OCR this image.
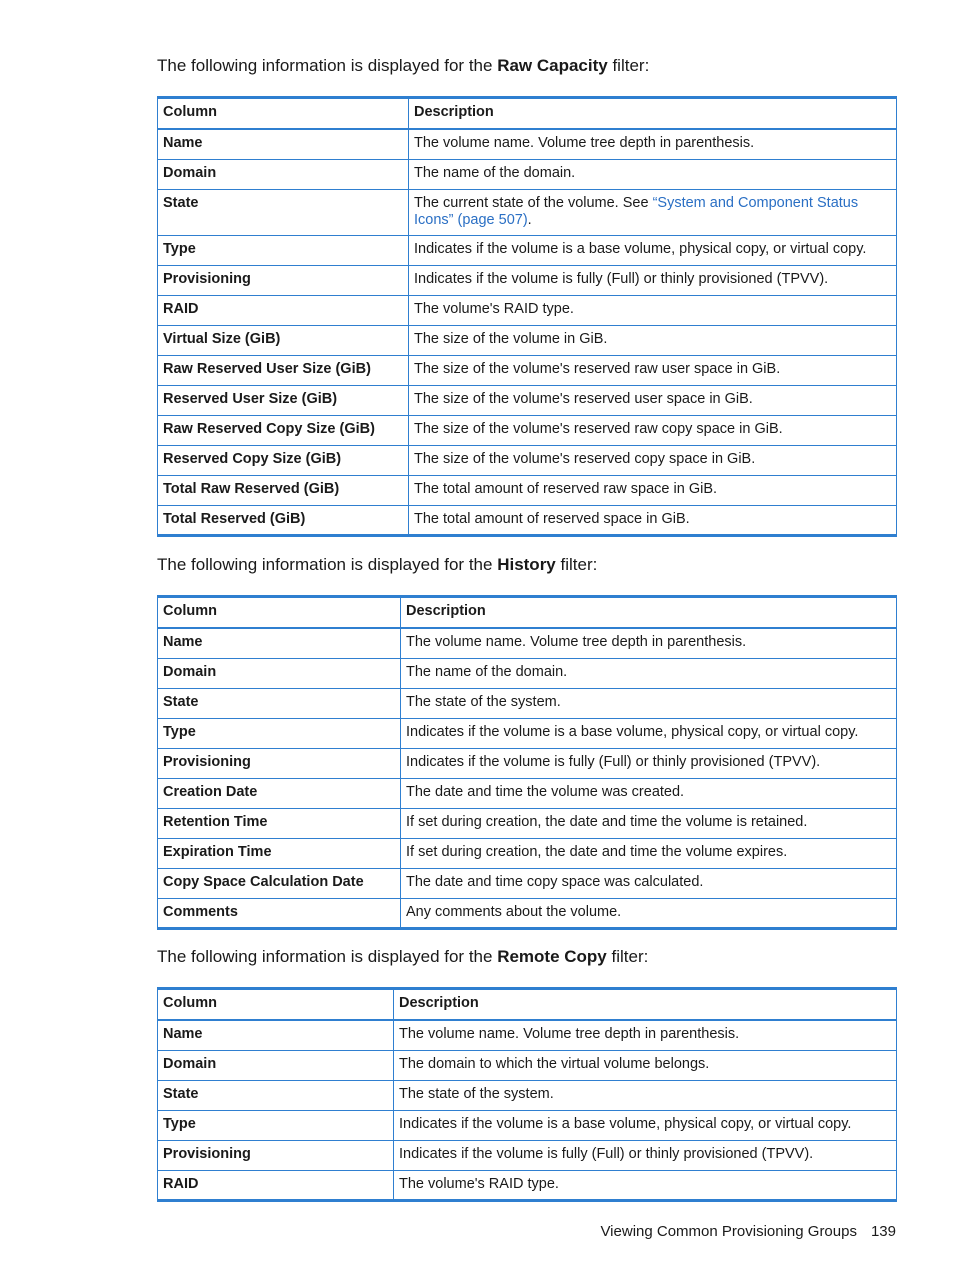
The following information is displayed for the Raw Capacity filter:

Column	Description
Name	The volume name. Volume tree depth in parenthesis.
Domain	The name of the domain.
State	The current state of the volume. See “System and Component Status Icons” (page 507).
Type	Indicates if the volume is a base volume, physical copy, or virtual copy.
Provisioning	Indicates if the volume is fully (Full) or thinly provisioned (TPVV).
RAID	The volume's RAID type.
Virtual Size (GiB)	The size of the volume in GiB.
Raw Reserved User Size (GiB)	The size of the volume's reserved raw user space in GiB.
Reserved User Size (GiB)	The size of the volume's reserved user space in GiB.
Raw Reserved Copy Size (GiB)	The size of the volume's reserved raw copy space in GiB.
Reserved Copy Size (GiB)	The size of the volume's reserved copy space in GiB.
Total Raw Reserved (GiB)	The total amount of reserved raw space in GiB.
Total Reserved (GiB)	The total amount of reserved space in GiB.

The following information is displayed for the History filter:

Column	Description
Name	The volume name. Volume tree depth in parenthesis.
Domain	The name of the domain.
State	The state of the system.
Type	Indicates if the volume is a base volume, physical copy, or virtual copy.
Provisioning	Indicates if the volume is fully (Full) or thinly provisioned (TPVV).
Creation Date	The date and time the volume was created.
Retention Time	If set during creation, the date and time the volume is retained.
Expiration Time	If set during creation, the date and time the volume expires.
Copy Space Calculation Date	The date and time copy space was calculated.
Comments	Any comments about the volume.

The following information is displayed for the Remote Copy filter:

Column	Description
Name	The volume name. Volume tree depth in parenthesis.
Domain	The domain to which the virtual volume belongs.
State	The state of the system.
Type	Indicates if the volume is a base volume, physical copy, or virtual copy.
Provisioning	Indicates if the volume is fully (Full) or thinly provisioned (TPVV).
RAID	The volume's RAID type.
Viewing Common Provisioning Groups 139
